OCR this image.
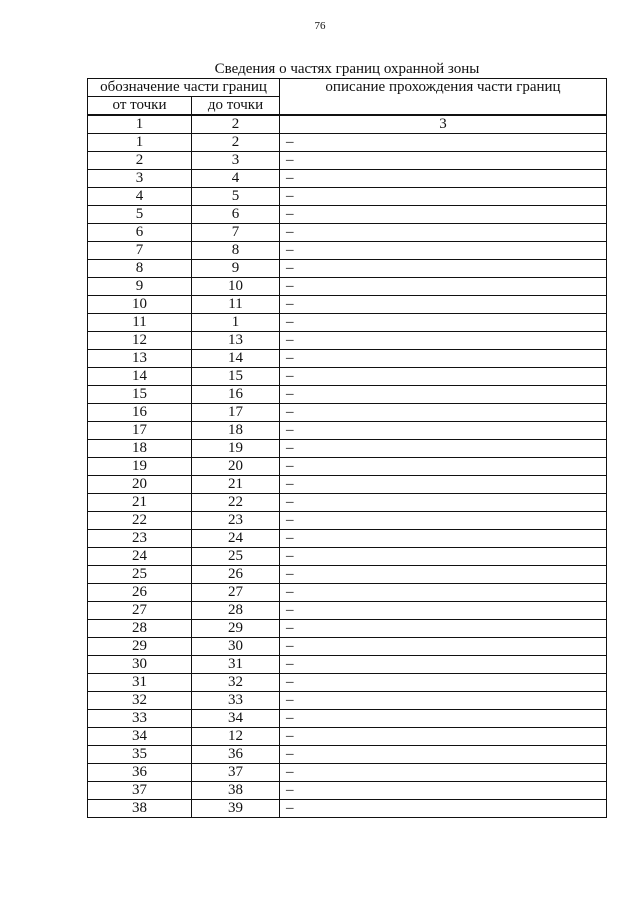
76
Сведения о частях границ охранной зоны
обозначение части границ		описание прохождения части границ
от точки	до точки	
1	2	3
1	2	–
2	3	–
3	4	–
4	5	–
5	6	–
6	7	–
7	8	–
8	9	–
9	10	–
10	11	–
11	1	–
12	13	–
13	14	–
14	15	–
15	16	–
16	17	–
17	18	–
18	19	–
19	20	–
20	21	–
21	22	–
22	23	–
23	24	–
24	25	–
25	26	–
26	27	–
27	28	–
28	29	–
29	30	–
30	31	–
31	32	–
32	33	–
33	34	–
34	12	–
35	36	–
36	37	–
37	38	–
38	39	–
